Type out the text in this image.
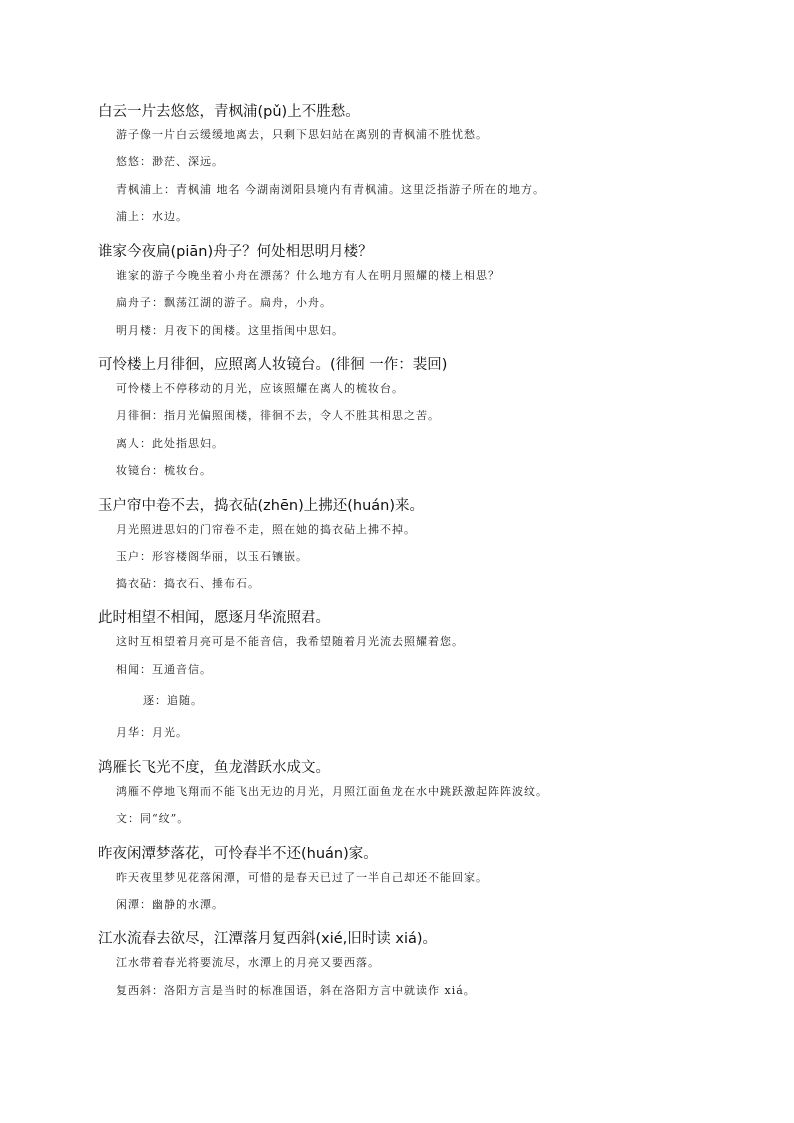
白云一片去悠悠，青枫浦(pǔ)上不胜愁。
游子像一片白云缓缓地离去，只剩下思妇站在离别的青枫浦不胜忧愁。
悠悠：渺茫、深远。
青枫浦上：青枫浦 地名 今湖南浏阳县境内有青枫浦。这里泛指游子所在的地方。
浦上：水边。
谁家今夜扁(piān)舟子？何处相思明月楼？
谁家的游子今晚坐着小舟在漂荡？什么地方有人在明月照耀的楼上相思？
扁舟子：飘荡江湖的游子。扁舟，小舟。
明月楼：月夜下的闺楼。这里指闺中思妇。
可怜楼上月徘徊，应照离人妆镜台。(徘徊 一作：裴回)
可怜楼上不停移动的月光，应该照耀在离人的梳妆台。
月徘徊：指月光偏照闺楼，徘徊不去，令人不胜其相思之苦。
离人：此处指思妇。
妆镜台：梳妆台。
玉户帘中卷不去，捣衣砧(zhēn)上拂还(huán)来。
月光照进思妇的门帘卷不走，照在她的捣衣砧上拂不掉。
玉户：形容楼阁华丽，以玉石镶嵌。
捣衣砧：捣衣石、捶布石。
此时相望不相闻，愿逐月华流照君。
这时互相望着月亮可是不能音信，我希望随着月光流去照耀着您。
相闻：互通音信。
逐：追随。
月华：月光。
鸿雁长飞光不度，鱼龙潜跃水成文。
鸿雁不停地飞翔而不能飞出无边的月光，月照江面鱼龙在水中跳跃激起阵阵波纹。
文：同“纹”。
昨夜闲潭梦落花，可怜春半不还(huán)家。
昨天夜里梦见花落闲潭，可惜的是春天已过了一半自己却还不能回家。
闲潭：幽静的水潭。
江水流春去欲尽，江潭落月复西斜(xié,旧时读 xiá)。
江水带着春光将要流尽，水潭上的月亮又要西落。
复西斜：洛阳方言是当时的标准国语，斜在洛阳方言中就读作 xiá。
